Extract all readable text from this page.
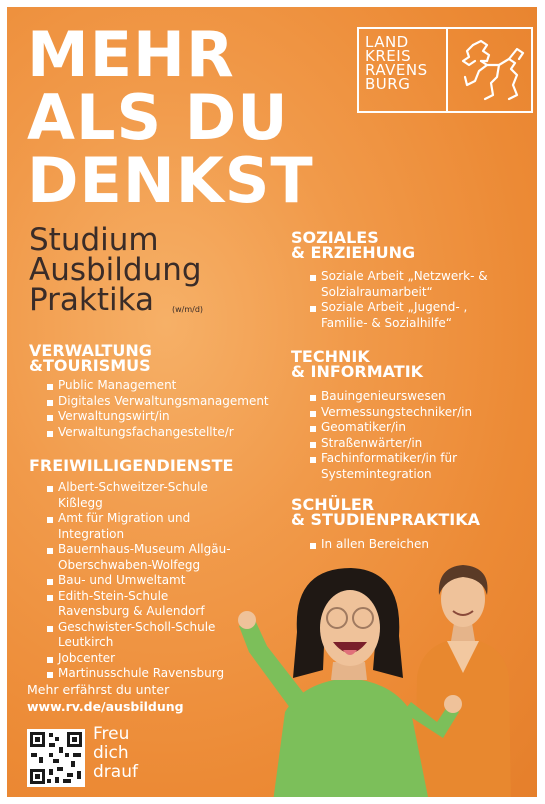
MEHR
ALS DU
DENKST
LAND
KREIS
RAVENS
BURG
Studium
Ausbildung
Praktika	(w/m/d)
VERWALTUNG
&TOURISMUS
Public Management
Digitales Verwaltungsmanagement
Verwaltungswirt/in
Verwaltungsfachangestellte/r
FREIWILLIGENDIENSTE
Albert-Schweitzer-Schule Kißlegg
Amt für Migration und Integration
Bauernhaus-Museum Allgäu-Oberschwaben-Wolfegg
Bau- und Umweltamt
Edith-Stein-Schule Ravensburg & Aulendorf
Geschwister-Scholl-Schule Leutkirch
Jobcenter
Martinusschule Ravensburg
SOZIALES
& ERZIEHUNG
Soziale Arbeit „Netzwerk- & Solzialraumarbeit“
Soziale Arbeit „Jugend- , Familie- & Sozialhilfe“
TECHNIK
& INFORMATIK
Bauingenieurswesen
Vermessungstechniker/in
Geomatiker/in
Straßenwärter/in
Fachinformatiker/in für Systemintegration
SCHÜLER
& STUDIENPRAKTIKA
In allen Bereichen
Mehr erfährst du unter
www.rv.de/ausbildung
Freu
dich
drauf
